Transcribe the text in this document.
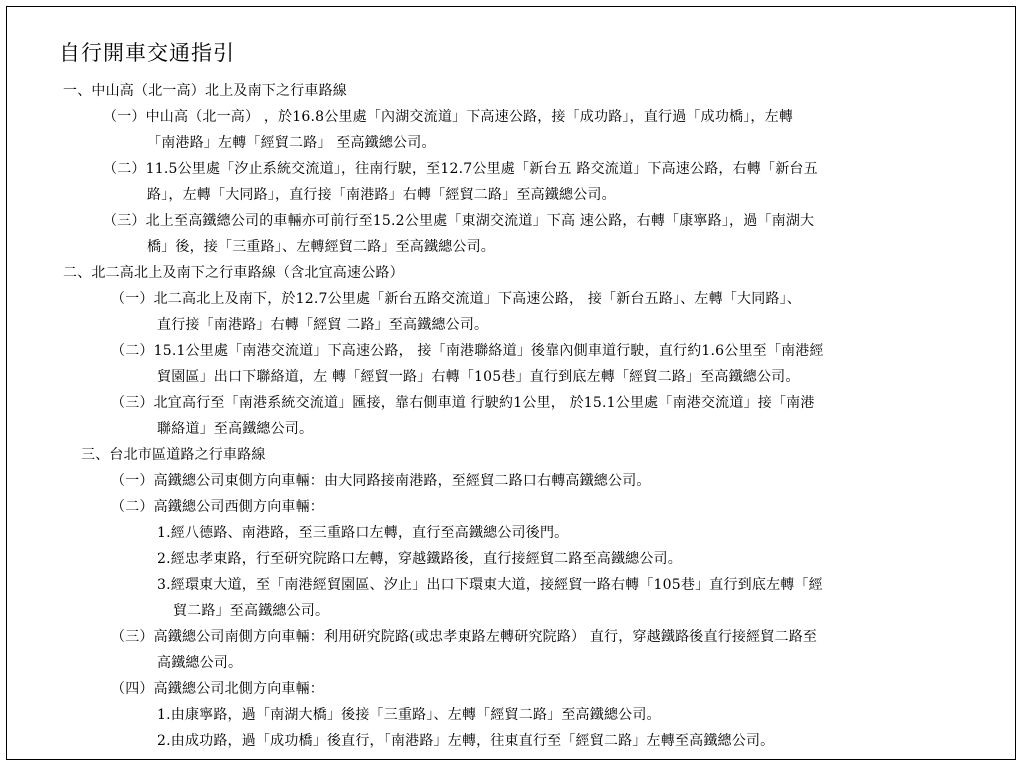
自行開車交通指引
一、中山高（北一高）北上及南下之行車路線
（一）中山高（北一高） ，於16.8公里處「內湖交流道」下高速公路，接「成功路」，直行過「成功橋」，左轉
「南港路」左轉「經貿二路」 至高鐵總公司。
（二）11.5公里處「汐止系統交流道」，往南行駛，至12.7公里處「新台五 路交流道」下高速公路，右轉「新台五
路」，左轉「大同路」，直行接「南港路」右轉「經貿二路」至高鐵總公司。
（三）北上至高鐵總公司的車輛亦可前行至15.2公里處「東湖交流道」下高 速公路，右轉「康寧路」，過「南湖大
橋」後，接「三重路」、左轉經貿二路」至高鐵總公司。
二、北二高北上及南下之行車路線（含北宜高速公路）
（一）北二高北上及南下，於12.7公里處「新台五路交流道」下高速公路， 接「新台五路」、左轉「大同路」、
直行接「南港路」右轉「經貿 二路」至高鐵總公司。
（二）15.1公里處「南港交流道」下高速公路， 接「南港聯絡道」後靠內側車道行駛，直行約1.6公里至「南港經
貿園區」出口下聯絡道，左 轉「經貿一路」右轉「105巷」直行到底左轉「經貿二路」至高鐵總公司。
（三）北宜高行至「南港系統交流道」匯接，靠右側車道 行駛約1公里， 於15.1公里處「南港交流道」接「南港
聯絡道」至高鐵總公司。
三、台北市區道路之行車路線
（一）高鐵總公司東側方向車輛：由大同路接南港路，至經貿二路口右轉高鐵總公司。
（二）高鐵總公司西側方向車輛：
1.經八德路、南港路，至三重路口左轉，直行至高鐵總公司後門。
2.經忠孝東路，行至研究院路口左轉，穿越鐵路後，直行接經貿二路至高鐵總公司。
3.經環東大道，至「南港經貿園區、汐止」出口下環東大道，接經貿一路右轉「105巷」直行到底左轉「經
貿二路」至高鐵總公司。
（三）高鐵總公司南側方向車輛：利用研究院路(或忠孝東路左轉研究院路） 直行，穿越鐵路後直行接經貿二路至
高鐵總公司。
（四）高鐵總公司北側方向車輛：
1.由康寧路，過「南湖大橋」後接「三重路」、左轉「經貿二路」至高鐵總公司。
2.由成功路，過「成功橋」後直行，「南港路」左轉，往東直行至「經貿二路」左轉至高鐵總公司。
